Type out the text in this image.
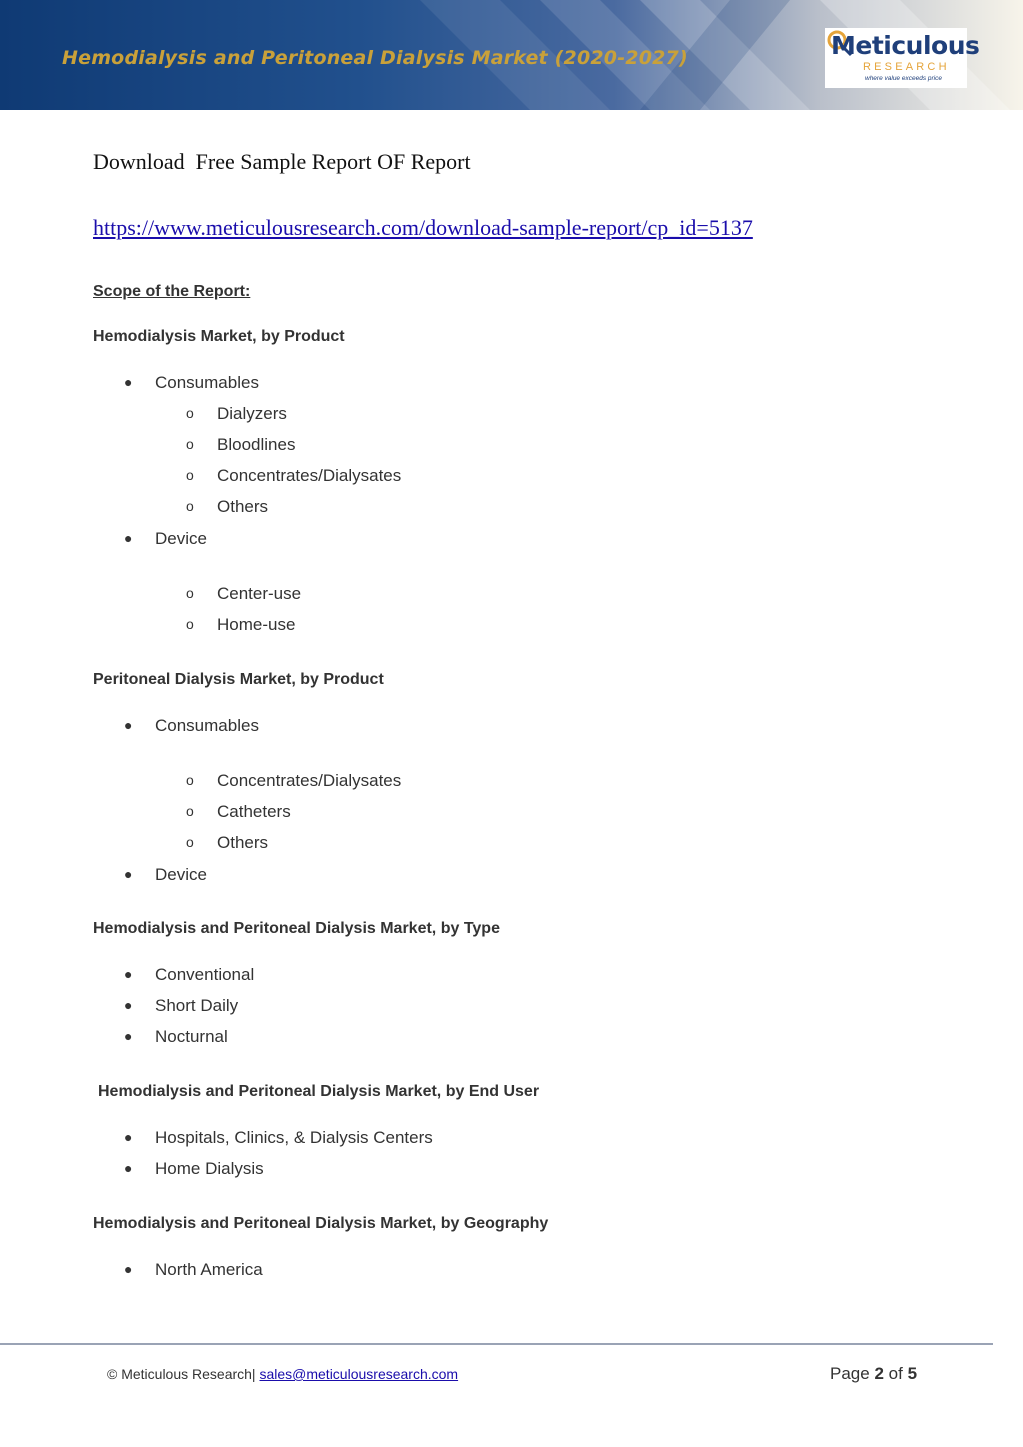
Hemodialysis and Peritoneal Dialysis Market (2020-2027)	Meticulous
RESEARCH
where value exceeds price
Download  Free Sample Report OF Report
https://www.meticulousresearch.com/download-sample-report/cp_id=5137
Scope of the Report:
Hemodialysis Market, by Product
● Consumables
o Dialyzers
o Bloodlines
o Concentrates/Dialysates
o Others
● Device
o Center-use
o Home-use
Peritoneal Dialysis Market, by Product
● Consumables
o Concentrates/Dialysates
o Catheters
o Others
● Device
Hemodialysis and Peritoneal Dialysis Market, by Type
● Conventional
● Short Daily
● Nocturnal
Hemodialysis and Peritoneal Dialysis Market, by End User
● Hospitals, Clinics, & Dialysis Centers
● Home Dialysis
Hemodialysis and Peritoneal Dialysis Market, by Geography
● North America
© Meticulous Research| sales@meticulousresearch.com	Page 2 of 5
